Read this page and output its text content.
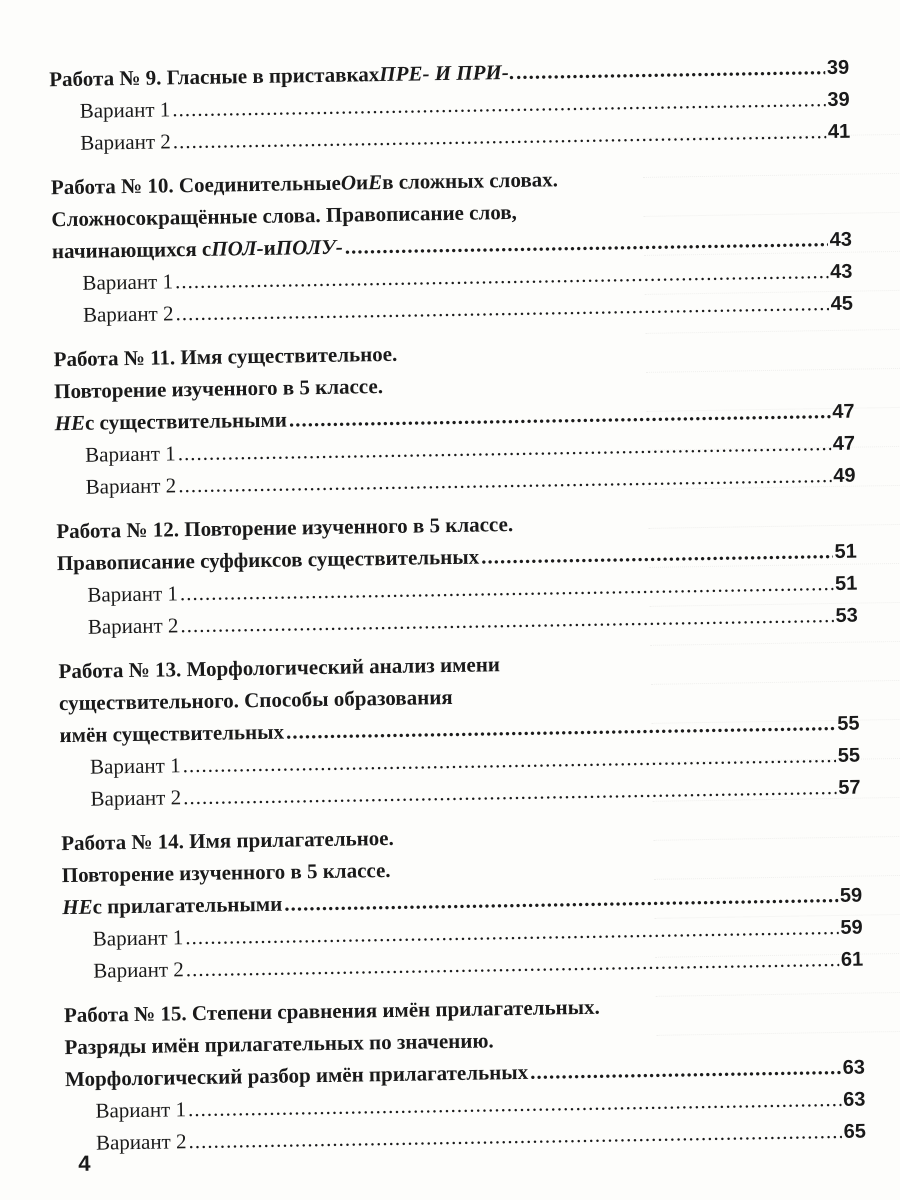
Работа № 9. Гласные в приставках ПРЕ- И ПРИ- . .....	39
Вариант 1 .....	39
Вариант 2 .....	41
Работа № 10. Соединительные О и Е в сложных словах.
Сложносокращённые слова. Правописание слов,
начинающихся с ПОЛ- и ПОЛУ- .....	43
Вариант 1 .....	43
Вариант 2 .....	45
Работа № 11. Имя существительное.
Повторение изученного в 5 классе.
НЕ с существительными .....	47
Вариант 1 .....	47
Вариант 2 .....	49
Работа № 12. Повторение изученного в 5 классе.
Правописание суффиксов существительных .....	51
Вариант 1 .....	51
Вариант 2 .....	53
Работа № 13. Морфологический анализ имени
существительного. Способы образования
имён существительных .....	55
Вариант 1 .....	55
Вариант 2 .....	57
Работа № 14. Имя прилагательное.
Повторение изученного в 5 классе.
НЕ с прилагательными .....	59
Вариант 1 .....	59
Вариант 2 .....	61
Работа № 15. Степени сравнения имён прилагательных.
Разряды имён прилагательных по значению.
Морфологический разбор имён прилагательных .....	63
Вариант 1 .....	63
Вариант 2 .....	65
4
